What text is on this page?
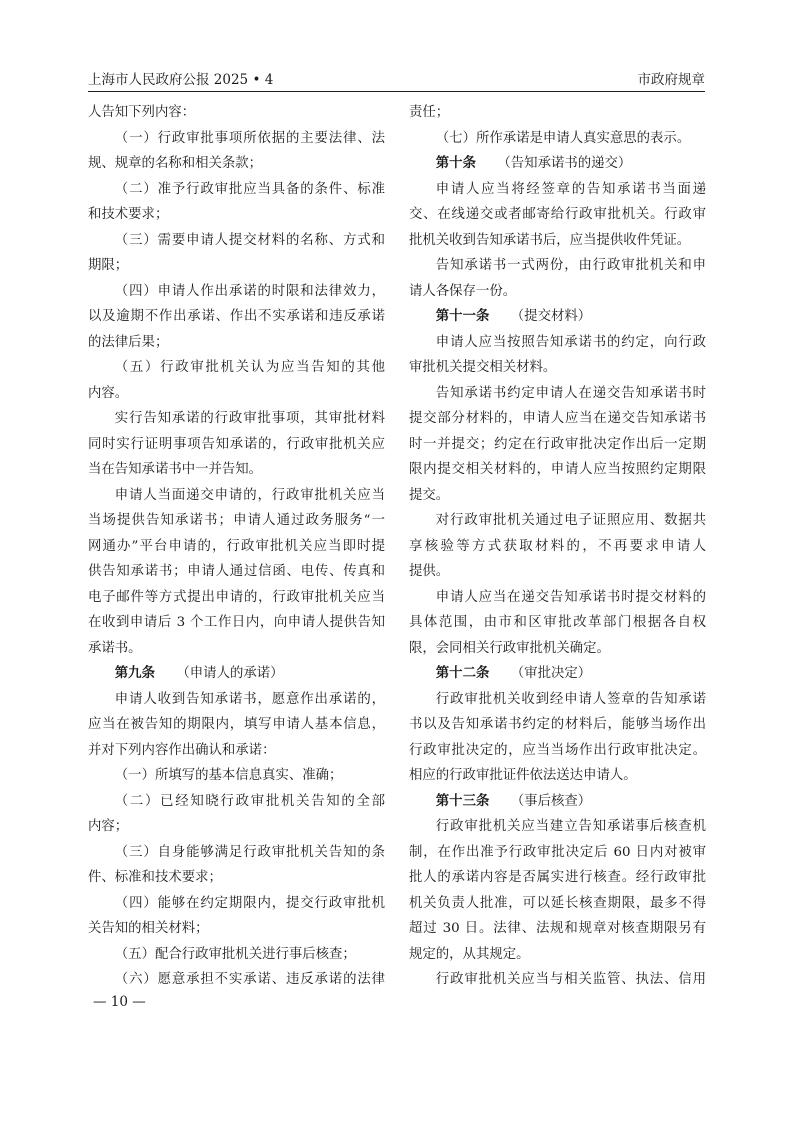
上海市人民政府公报 2025 • 4	市政府规章
人告知下列内容：
（一）行政审批事项所依据的主要法律、法
规、规章的名称和相关条款；
（二）准予行政审批应当具备的条件、标准
和技术要求；
（三）需要申请人提交材料的名称、方式和
期限；
（四）申请人作出承诺的时限和法律效力，
以及逾期不作出承诺、作出不实承诺和违反承诺
的法律后果；
（五）行政审批机关认为应当告知的其他
内容。
实行告知承诺的行政审批事项，其审批材料
同时实行证明事项告知承诺的，行政审批机关应
当在告知承诺书中一并告知。
申请人当面递交申请的，行政审批机关应当
当场提供告知承诺书；申请人通过政务服务“一
网通办”平台申请的，行政审批机关应当即时提
供告知承诺书；申请人通过信函、电传、传真和
电子邮件等方式提出申请的，行政审批机关应当
在收到申请后 3 个工作日内，向申请人提供告知
承诺书。
第九条 （申请人的承诺）
申请人收到告知承诺书，愿意作出承诺的，
应当在被告知的期限内，填写申请人基本信息，
并对下列内容作出确认和承诺：
（一）所填写的基本信息真实、准确；
（二）已经知晓行政审批机关告知的全部
内容；
（三）自身能够满足行政审批机关告知的条
件、标准和技术要求；
（四）能够在约定期限内，提交行政审批机
关告知的相关材料；
（五）配合行政审批机关进行事后核查；
（六）愿意承担不实承诺、违反承诺的法律
责任；
（七）所作承诺是申请人真实意思的表示。
第十条 （告知承诺书的递交）
申请人应当将经签章的告知承诺书当面递
交、在线递交或者邮寄给行政审批机关。行政审
批机关收到告知承诺书后，应当提供收件凭证。
告知承诺书一式两份，由行政审批机关和申
请人各保存一份。
第十一条 （提交材料）
申请人应当按照告知承诺书的约定，向行政
审批机关提交相关材料。
告知承诺书约定申请人在递交告知承诺书时
提交部分材料的，申请人应当在递交告知承诺书
时一并提交；约定在行政审批决定作出后一定期
限内提交相关材料的，申请人应当按照约定期限
提交。
对行政审批机关通过电子证照应用、数据共
享核验等方式获取材料的，不再要求申请人
提供。
申请人应当在递交告知承诺书时提交材料的
具体范围，由市和区审批改革部门根据各自权
限，会同相关行政审批机关确定。
第十二条 （审批决定）
行政审批机关收到经申请人签章的告知承诺
书以及告知承诺书约定的材料后，能够当场作出
行政审批决定的，应当当场作出行政审批决定。
相应的行政审批证件依法送达申请人。
第十三条 （事后核查）
行政审批机关应当建立告知承诺事后核查机
制，在作出准予行政审批决定后 60 日内对被审
批人的承诺内容是否属实进行核查。经行政审批
机关负责人批准，可以延长核查期限，最多不得
超过 30 日。法律、法规和规章对核查期限另有
规定的，从其规定。
行政审批机关应当与相关监管、执法、信用
— 10 —
